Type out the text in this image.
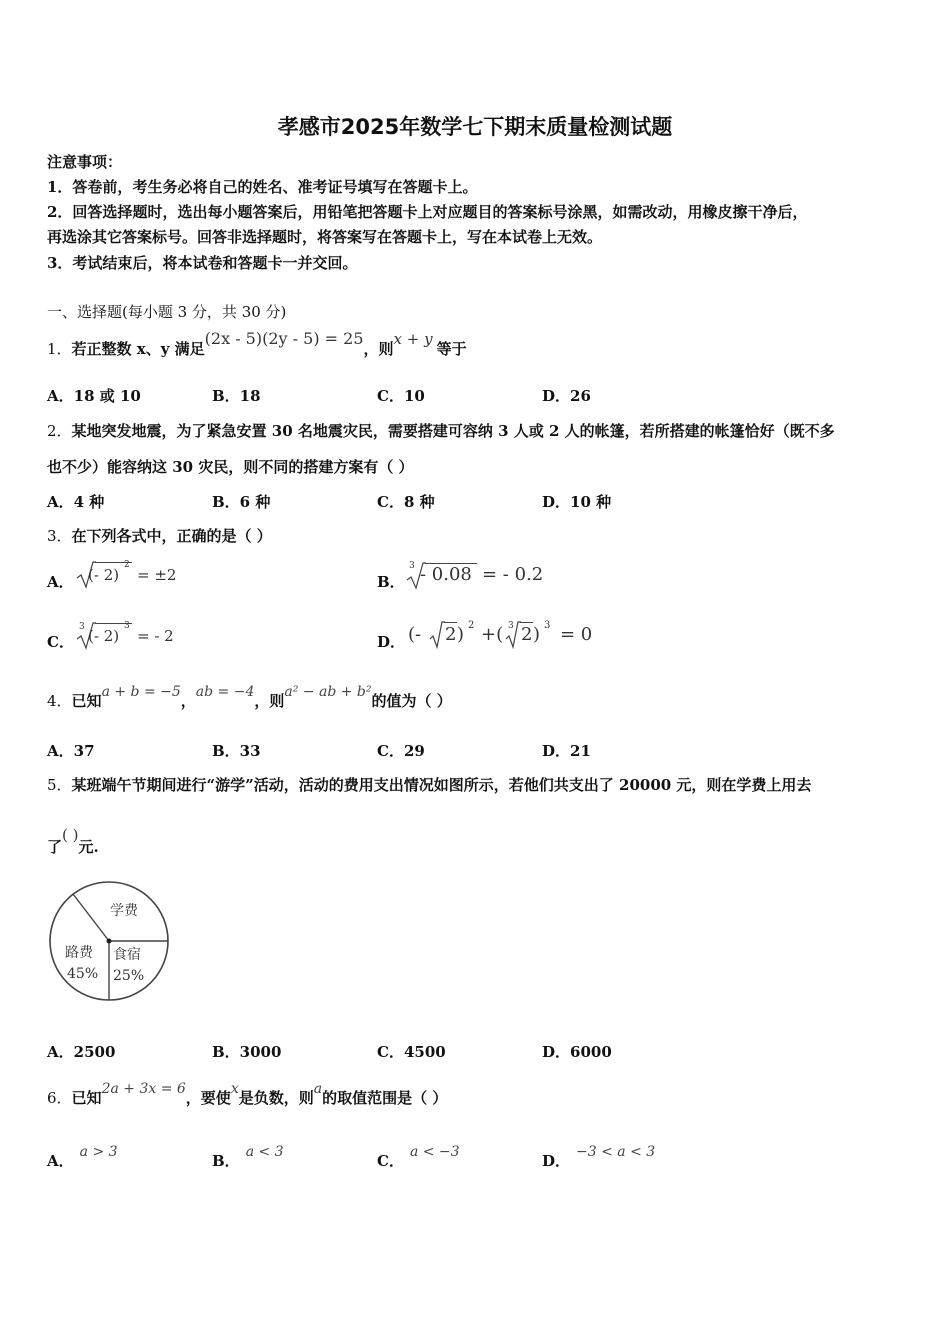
孝感市2025年数学七下期末质量检测试题
注意事项：
1．答卷前，考生务必将自己的姓名、准考证号填写在答题卡上。
2．回答选择题时，选出每小题答案后，用铅笔把答题卡上对应题目的答案标号涂黑，如需改动，用橡皮擦干净后，
再选涂其它答案标号。回答非选择题时，将答案写在答题卡上，写在本试卷上无效。
3．考试结束后，将本试卷和答题卡一并交回。
一、选择题(每小题 3 分，共 30 分)
1．若正整数 x、y 满足(2x - 5)(2y - 5) = 25，则x + y等于
A．18 或 10	B．18	C．10	D．26
2．某地突发地震，为了紧急安置 30 名地震灾民，需要搭建可容纳 3 人或 2 人的帐篷，若所搭建的帐篷恰好（既不多
也不少）能容纳这 30 灾民，则不同的搭建方案有（ ）
A．4 种	B．6 种	C．8 种	D．10 种
3．在下列各式中，正确的是（ ）
A． (- 2)
2
= ±2	B．
3 - 0.08 = - 0.2
C．
3 (- 2)
3
= - 2	D． (- 2 ) 2 +( 3 2 ) 3 = 0
4．已知a + b = −5，ab = −4，则a² − ab + b²的值为（ ）
A．37	B．33	C．29	D．21
5．某班端午节期间进行“游学”活动，活动的费用支出情况如图所示，若他们共支出了 20000 元，则在学费上用去
了( )元.
学费
路费
45%
食宿
25%
A．2500	B．3000	C．4500	D．6000
6．已知2a + 3x = 6，要使x是负数，则a的取值范围是（ ）
A． a > 3	B． a < 3	C． a < −3	D． −3 < a < 3
